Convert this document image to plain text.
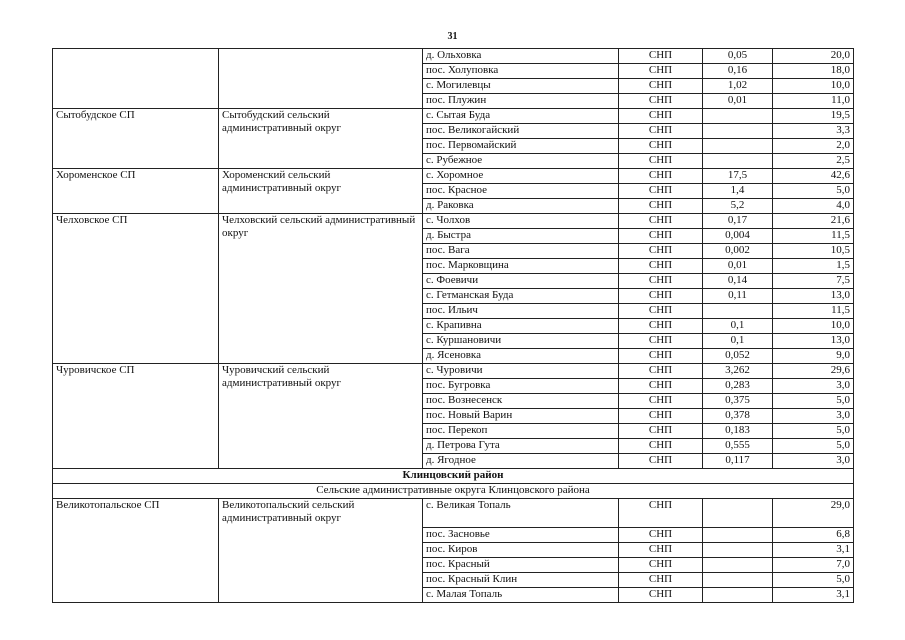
31
		д. Ольховка	СНП	0,05	20,0
		пос. Холуповка	СНП	0,16	18,0
		с. Могилевцы	СНП	1,02	10,0
		пос. Плужин	СНП	0,01	11,0
Сытобудское СП	Сытобудский сельский административный округ	с. Сытая Буда	СНП		19,5
		пос. Великогайский	СНП		3,3
		пос. Первомайский	СНП		2,0
		с. Рубежное	СНП		2,5
Хороменское СП	Хороменский сельский административный округ	с. Хоромное	СНП	17,5	42,6
		пос. Красное	СНП	1,4	5,0
		д. Раковка	СНП	5,2	4,0
Челховское СП	Челховский сельский административный округ	с. Чолхов	СНП	0,17	21,6
		д. Быстра	СНП	0,004	11,5
		пос. Вага	СНП	0,002	10,5
		пос. Марковщина	СНП	0,01	1,5
		с. Фоевичи	СНП	0,14	7,5
		с. Гетманская Буда	СНП	0,11	13,0
		пос. Ильич	СНП		11,5
		с. Крапивна	СНП	0,1	10,0
		с. Куршановичи	СНП	0,1	13,0
		д. Ясеновка	СНП	0,052	9,0
Чуровичское СП	Чуровичский сельский административный округ	с. Чуровичи	СНП	3,262	29,6
		пос. Бугровка	СНП	0,283	3,0
		пос. Вознесенск	СНП	0,375	5,0
		пос. Новый Варин	СНП	0,378	3,0
		пос. Перекоп	СНП	0,183	5,0
		д. Петрова Гута	СНП	0,555	5,0
		д. Ягодное	СНП	0,117	3,0
Клинцовский район					
Сельские административные округа Клинцовского района					
Великотопальское СП	Великотопальский сельский административный округ	с. Великая Топаль	СНП		29,0
		пос. Засновье	СНП		6,8
		пос. Киров	СНП		3,1
		пос. Красный	СНП		7,0
		пос. Красный Клин	СНП		5,0
		с. Малая Топаль	СНП		3,1
